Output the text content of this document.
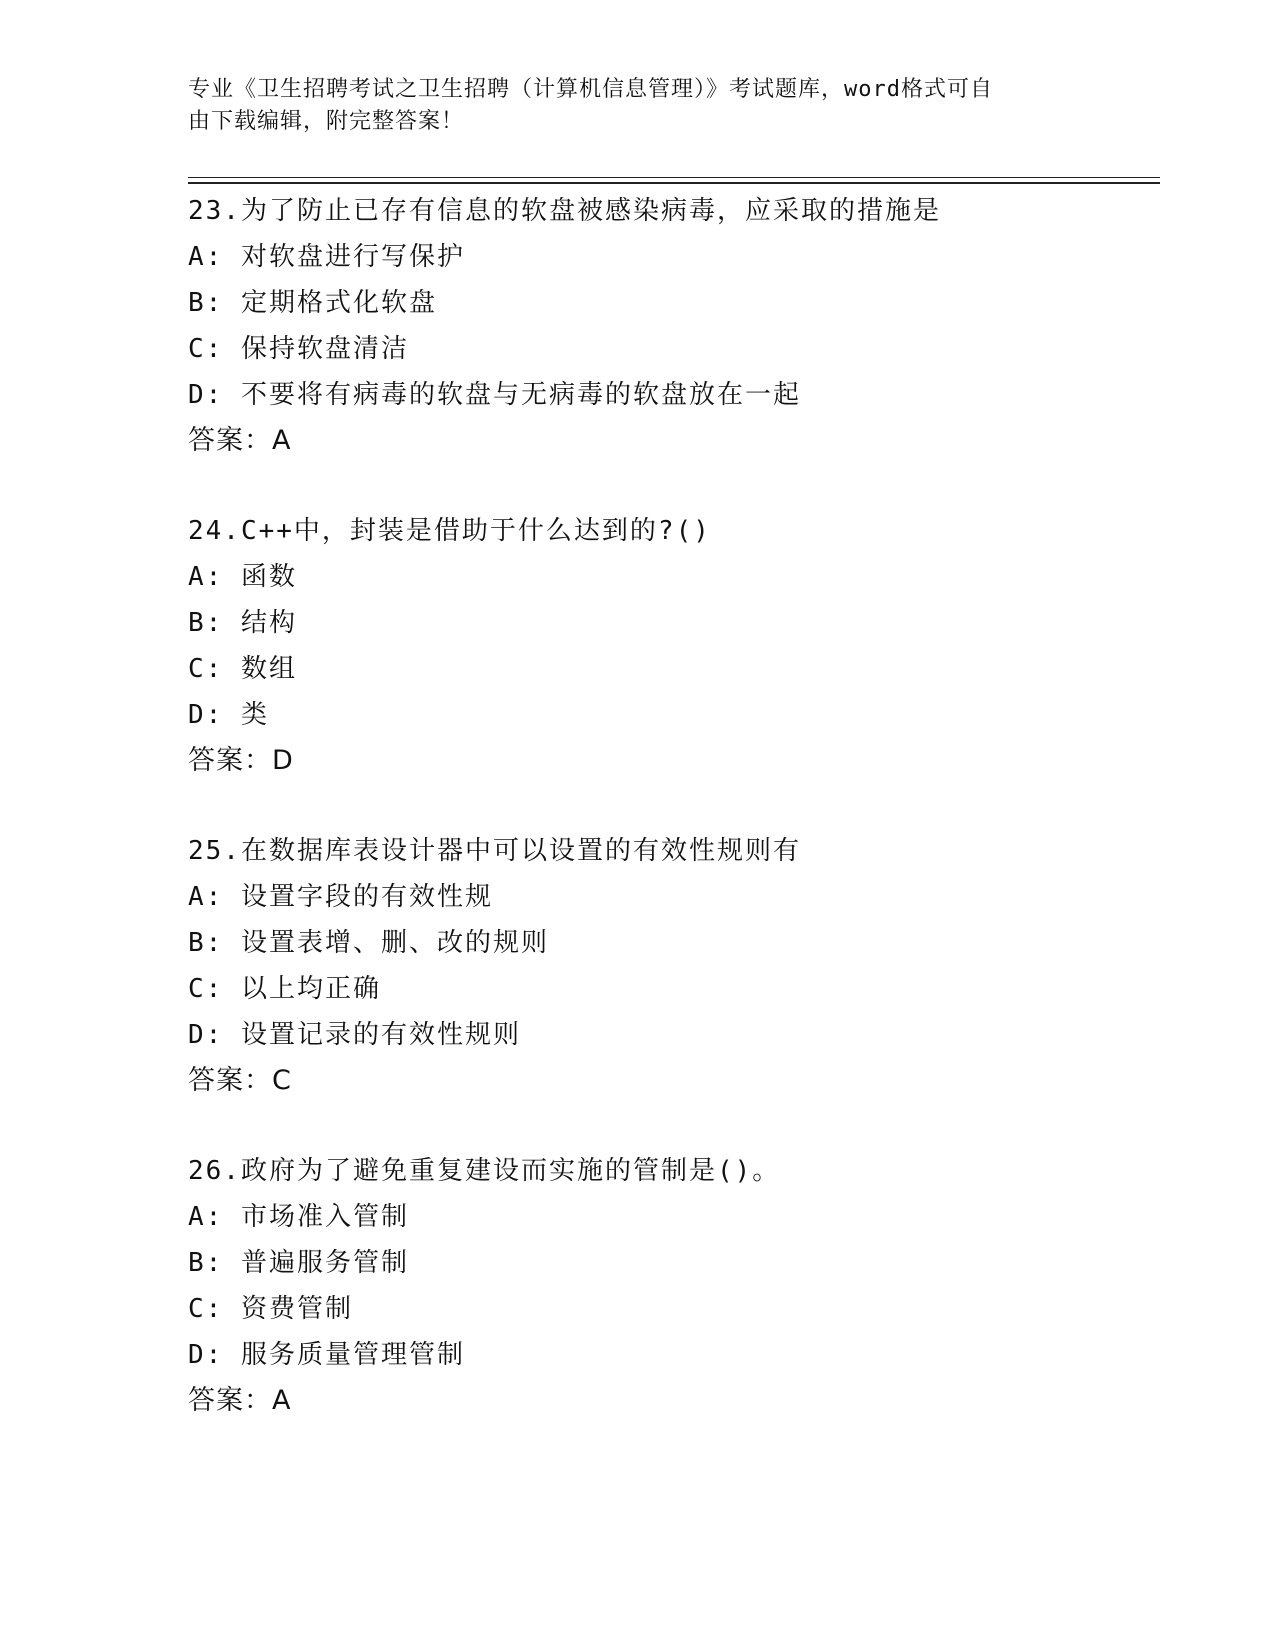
专业《卫生招聘考试之卫生招聘（计算机信息管理）》考试题库，word格式可自
由下载编辑，附完整答案！
23.为了防止已存有信息的软盘被感染病毒，应采取的措施是
A: 对软盘进行写保护
B: 定期格式化软盘
C: 保持软盘清洁
D: 不要将有病毒的软盘与无病毒的软盘放在一起
答案：A
24.C++中，封装是借助于什么达到的?()
A: 函数
B: 结构
C: 数组
D: 类
答案：D
25.在数据库表设计器中可以设置的有效性规则有
A: 设置字段的有效性规
B: 设置表增、删、改的规则
C: 以上均正确
D: 设置记录的有效性规则
答案：C
26.政府为了避免重复建设而实施的管制是()。
A: 市场准入管制
B: 普遍服务管制
C: 资费管制
D: 服务质量管理管制
答案：A
